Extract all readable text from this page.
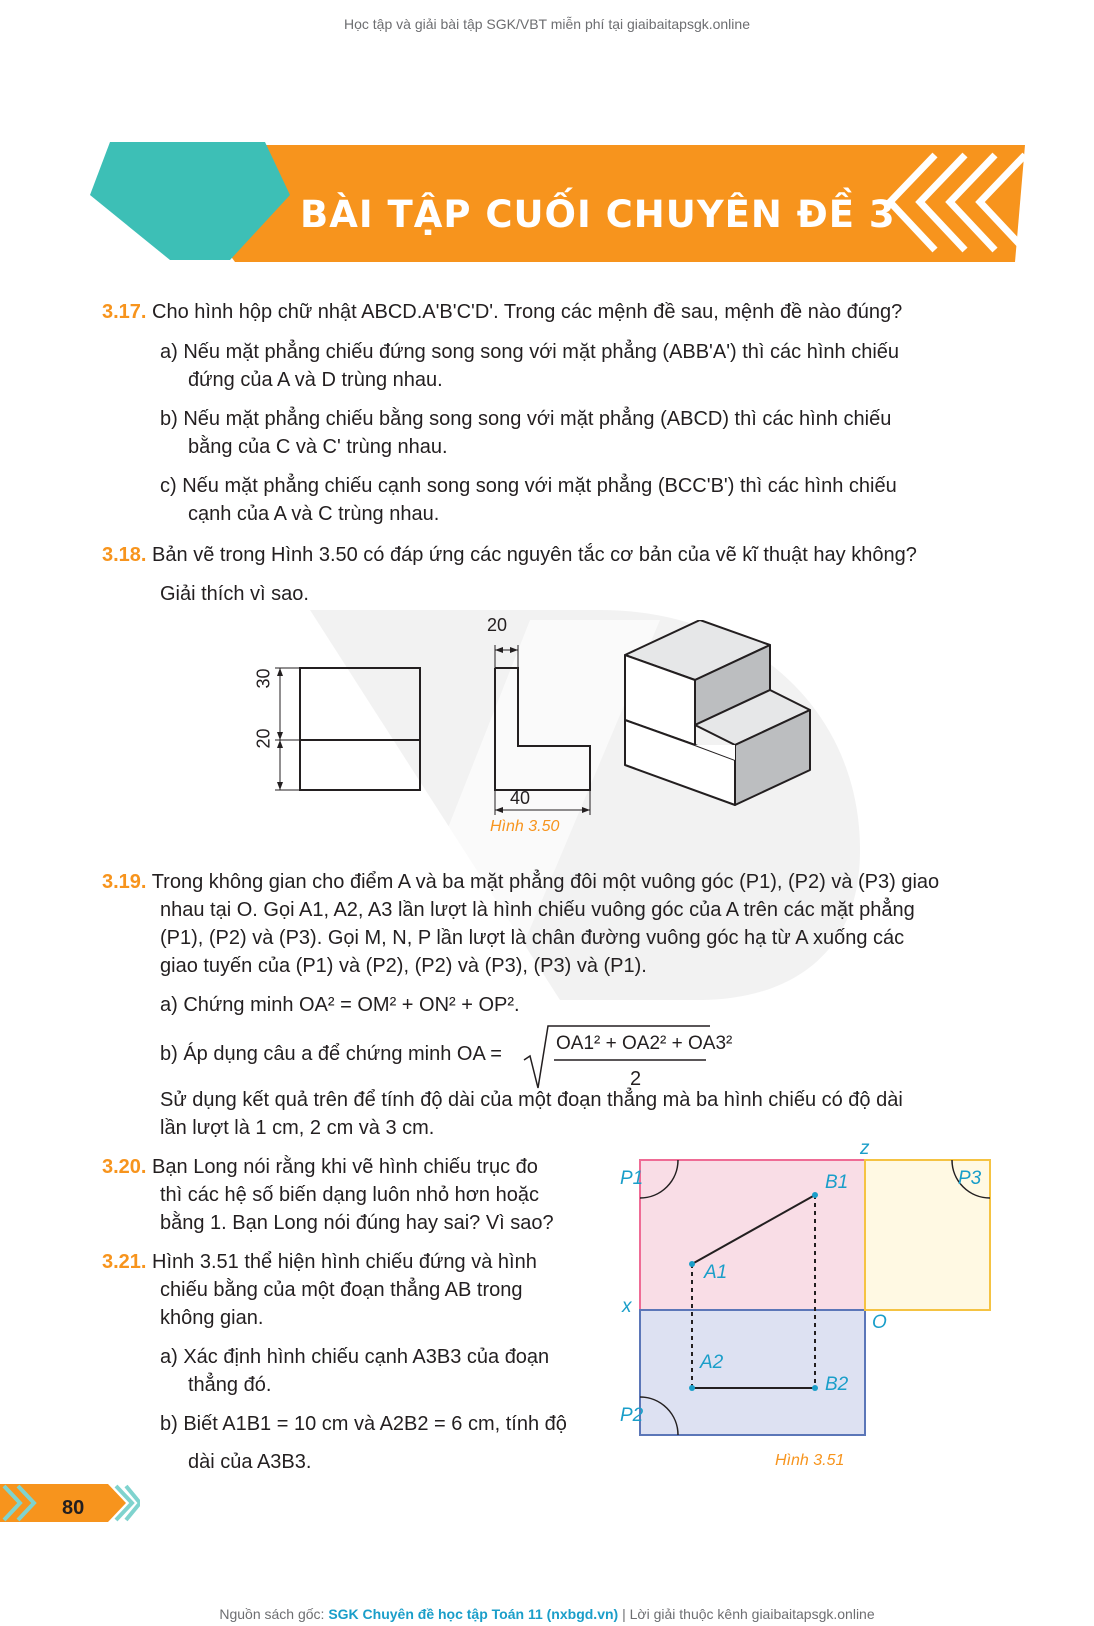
Học tập và giải bài tập SGK/VBT miễn phí tại giaibaitapsgk.online
BÀI TẬP CUỐI CHUYÊN ĐỀ 3
3.17. Cho hình hộp chữ nhật ABCD.A'B'C'D'. Trong các mệnh đề sau, mệnh đề nào đúng?
a) Nếu mặt phẳng chiếu đứng song song với mặt phẳng (ABB'A') thì các hình chiếu
đứng của A và D trùng nhau.
b) Nếu mặt phẳng chiếu bằng song song với mặt phẳng (ABCD) thì các hình chiếu
bằng của C và C' trùng nhau.
c) Nếu mặt phẳng chiếu cạnh song song với mặt phẳng (BCC'B') thì các hình chiếu
cạnh của A và C trùng nhau.
3.18. Bản vẽ trong Hình 3.50 có đáp ứng các nguyên tắc cơ bản của vẽ kĩ thuật hay không?
Giải thích vì sao.
30
20
20
40
Hình 3.50
3.19. Trong không gian cho điểm A và ba mặt phẳng đôi một vuông góc (P1), (P2) và (P3) giao
nhau tại O. Gọi A1, A2, A3 lần lượt là hình chiếu vuông góc của A trên các mặt phẳng
(P1), (P2) và (P3). Gọi M, N, P lần lượt là chân đường vuông góc hạ từ A xuống các
giao tuyến của (P1) và (P2), (P2) và (P3), (P3) và (P1).
a) Chứng minh OA² = OM² + ON² + OP².
b) Áp dụng câu a để chứng minh OA =	OA1² + OA2² + OA3²
2
Sử dụng kết quả trên để tính độ dài của một đoạn thẳng mà ba hình chiếu có độ dài
lần lượt là 1 cm, 2 cm và 3 cm.
3.20. Bạn Long nói rằng khi vẽ hình chiếu trục đo
thì các hệ số biến dạng luôn nhỏ hơn hoặc
bằng 1. Bạn Long nói đúng hay sai? Vì sao?
3.21. Hình 3.51 thể hiện hình chiếu đứng và hình
chiếu bằng của một đoạn thẳng AB trong
không gian.
a) Xác định hình chiếu cạnh A3B3 của đoạn
thẳng đó.
b) Biết A1B1 = 10 cm và A2B2 = 6 cm, tính độ
dài của A3B3.
P1
P2
P3
z
x
O
A1
B1
A2
B2
Hình 3.51
80
Nguồn sách gốc: SGK Chuyên đề học tập Toán 11 (nxbgd.vn) | Lời giải thuộc kênh giaibaitapsgk.online
